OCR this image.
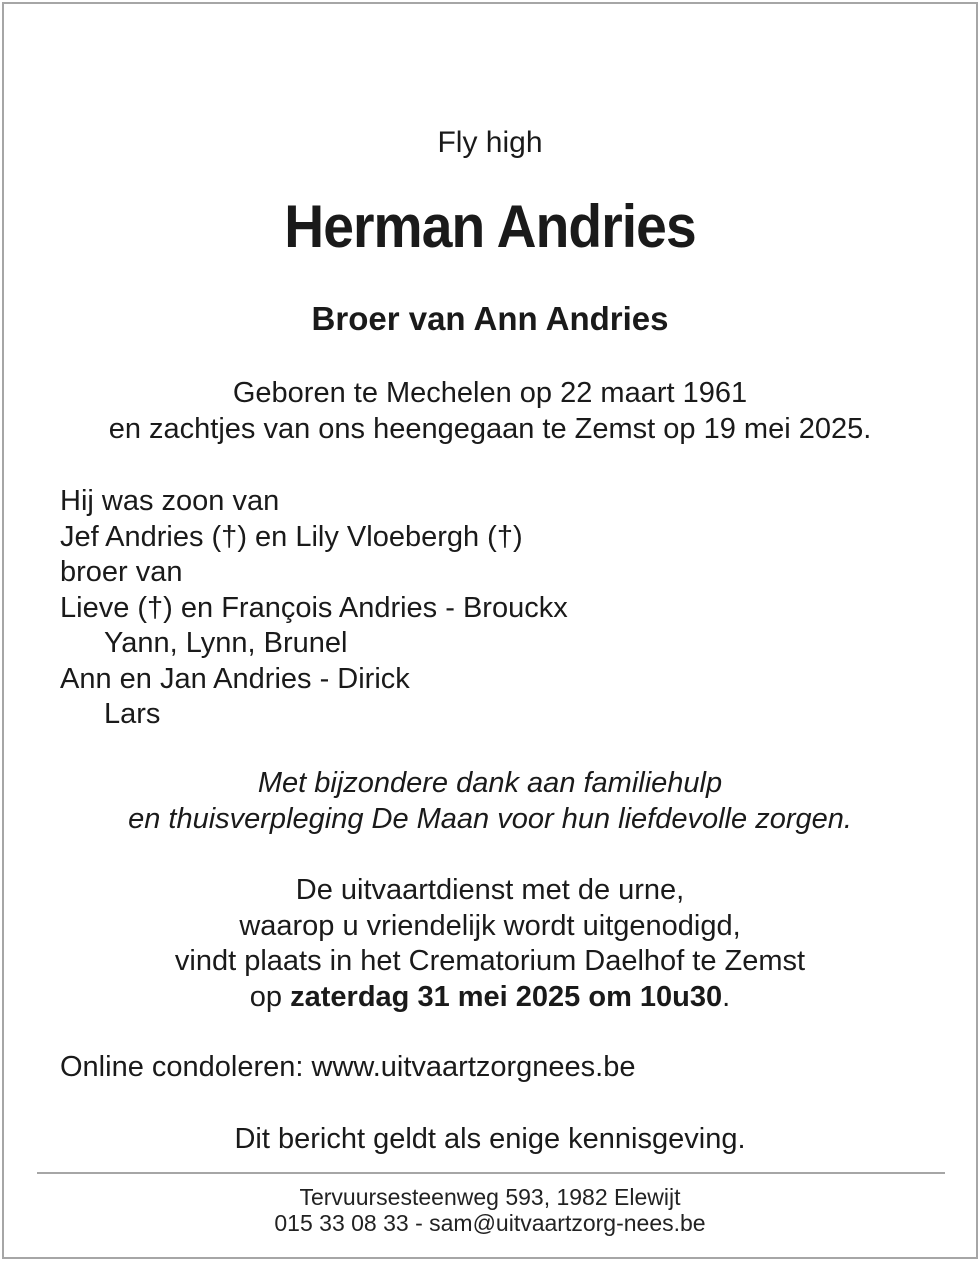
Fly high
Herman Andries
Broer van Ann Andries
Geboren te Mechelen op 22 maart 1961
en zachtjes van ons heengegaan te Zemst op 19 mei 2025.
Hij was zoon van
Jef Andries (†) en Lily Vloebergh (†)
broer van
Lieve (†) en François Andries - Brouckx
Yann, Lynn, Brunel
Ann en Jan Andries - Dirick
Lars
Met bijzondere dank aan familiehulp
en thuisverpleging De Maan voor hun liefdevolle zorgen.
De uitvaartdienst met de urne,
waarop u vriendelijk wordt uitgenodigd,
vindt plaats in het Crematorium Daelhof te Zemst
op zaterdag 31 mei 2025 om 10u30.
Online condoleren: www.uitvaartzorgnees.be
Dit bericht geldt als enige kennisgeving.
Tervuursesteenweg 593, 1982 Elewijt
015 33 08 33 - sam@uitvaartzorg-nees.be
